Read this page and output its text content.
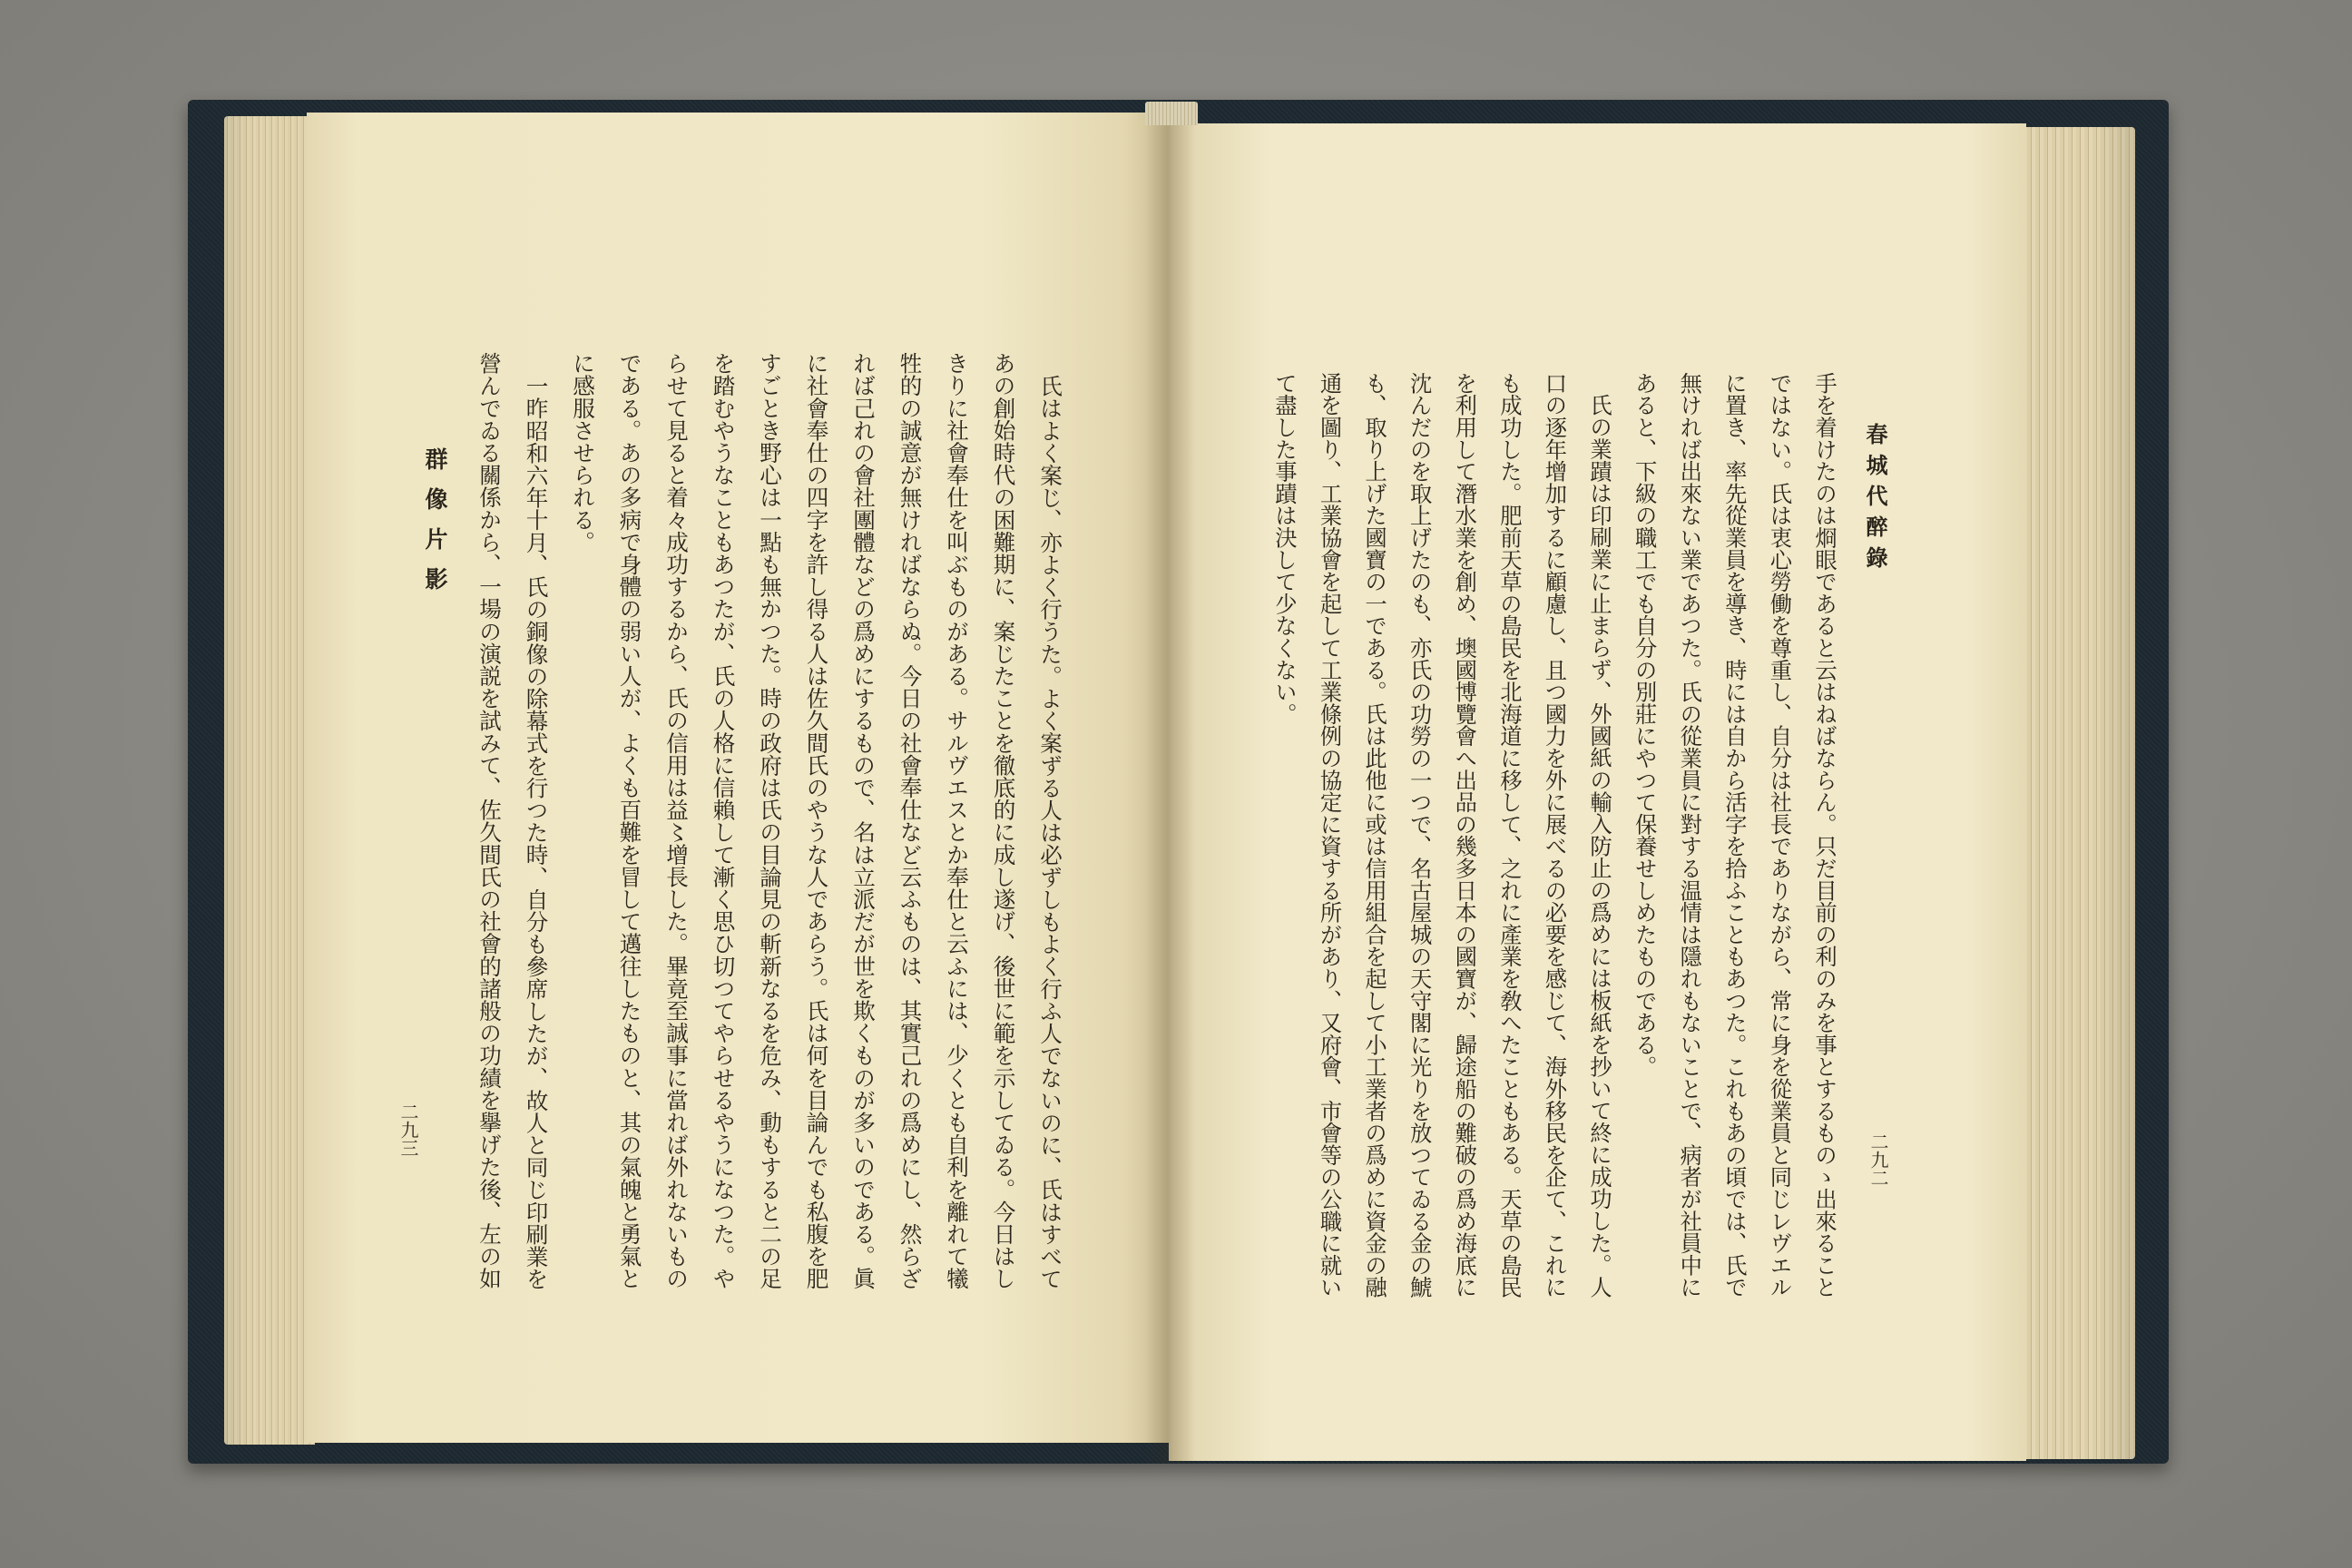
群像片影
二九三	氏はよく案じ、亦よく行うた。よく案ずる人は必ずしもよく行ふ人でないのに、氏はすべて
あの創始時代の困難期に、案じたことを徹底的に成し遂げ、後世に範を示してゐる。今日はし
きりに社會奉仕を叫ぶものがある。サルヴエスとか奉仕と云ふには、少くとも自利を離れて犧
牲的の誠意が無ければならぬ。今日の社會奉仕など云ふものは、其實己れの爲めにし、然らざ
れば己れの會社團體などの爲めにするもので、名は立派だが世を欺くものが多いのである。眞
に社會奉仕の四字を許し得る人は佐久間氏のやうな人であらう。氏は何を目論んでも私腹を肥
すごとき野心は一點も無かつた。時の政府は氏の目論見の斬新なるを危み、動もすると二の足
を踏むやうなこともあつたが、氏の人格に信賴して漸く思ひ切つてやらせるやうになつた。や
らせて見ると着々成功するから、氏の信用は益〻增長した。畢竟至誠事に當れば外れないもの
である。あの多病で身體の弱い人が、よくも百難を冒して邁往したものと、其の氣魄と勇氣と
に感服させられる。
一昨昭和六年十月、氏の銅像の除幕式を行つた時、自分も參席したが、故人と同じ印刷業を
營んでゐる關係から、一場の演説を試みて、佐久間氏の社會的諸般の功績を擧げた後、左の如	春城代醉錄
二九二
手を着けたのは烱眼であると云はねばならん。只だ目前の利のみを事とするものゝ出來ること
ではない。氏は衷心勞働を尊重し、自分は社長でありながら、常に身を從業員と同じレヴエル
に置き、率先從業員を導き、時には自から活字を拾ふこともあつた。これもあの頃では、氏で
無ければ出來ない業であつた。氏の從業員に對する温情は隱れもないことで、病者が社員中に
あると、下級の職工でも自分の別莊にやつて保養せしめたものである。
氏の業蹟は印刷業に止まらず、外國紙の輸入防止の爲めには板紙を抄いて終に成功した。人
口の逐年增加するに顧慮し、且つ國力を外に展べるの必要を感じて、海外移民を企て、これに
も成功した。肥前天草の島民を北海道に移して、之れに產業を敎へたこともある。天草の島民
を利用して潛水業を創め、墺國博覽會へ出品の幾多日本の國寶が、歸途船の難破の爲め海底に
沈んだのを取上げたのも、亦氏の功勞の一つで、名古屋城の天守閣に光りを放つてゐる金の鯱
も、取り上げた國寶の一である。氏は此他に或は信用組合を起して小工業者の爲めに資金の融
通を圖り、工業協會を起して工業條例の協定に資する所があり、又府會、市會等の公職に就い
て盡した事蹟は決して少なくない。
